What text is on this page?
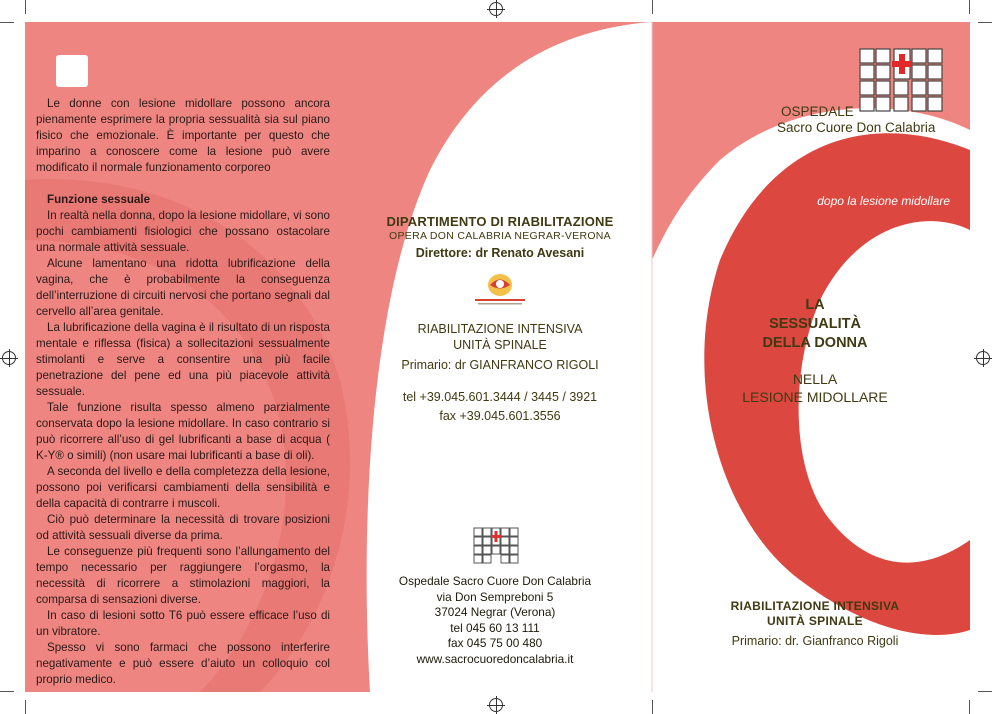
Le donne con lesione midollare possono ancora pienamente esprimere la propria sessualità sia sul piano fisico che emozionale. È importante per questo che imparino a conoscere come la lesione può avere modificato il normale funzionamento corporeo

Funzione sessuale

In realtà nella donna, dopo la lesione midollare, vi sono pochi cambiamenti fisiologici che possano ostacolare una normale attività sessuale.

Alcune lamentano una ridotta lubrificazione della vagina, che è probabilmente la conseguenza dell’interruzione di circuiti nervosi che portano segnali dal cervello all’area genitale.

La lubrificazione della vagina è il risultato di un risposta mentale e riflessa (fisica) a sollecitazioni sessualmente stimolanti e serve a consentire una più facile penetrazione del pene ed una più piacevole attività sessuale.

Tale funzione risulta spesso almeno parzialmente conservata dopo la lesione midollare. In caso contrario si può ricorrere all’uso di gel lubrificanti a base di acqua ( K-Y® o simili) (non usare mai lubrificanti a base di oli).

A seconda del livello e della completezza della lesione, possono poi verificarsi cambiamenti della sensibilità e della capacità di contrarre i muscoli.

Ciò può determinare la necessità di trovare posizioni od attività sessuali diverse da prima.

Le conseguenze più frequenti sono l’allungamento del tempo necessario per raggiungere l’orgasmo, la necessità di ricorrere a stimolazioni maggiori, la comparsa di sensazioni diverse.

In caso di lesioni sotto T6 può essere efficace l’uso di un vibratore.

Spesso vi sono farmaci che possono interferire negativamente e può essere d’aiuto un colloquio col proprio medico.

DIPARTIMENTO DI RIABILITAZIONE
OPERA DON CALABRIA NEGRAR-VERONA
Direttore: dr Renato Avesani
RIABILITAZIONE INTENSIVA
UNITÀ SPINALE
Primario: dr GIANFRANCO RIGOLI
tel +39.045.601.3444 / 3445 / 3921
fax +39.045.601.3556
Ospedale Sacro Cuore Don Calabria
via Don Sempreboni 5
37024 Negrar (Verona)
tel 045 60 13 111
fax 045 75 00 480
www.sacrocuoredoncalabria.it
OSPEDALE
Sacro Cuore Don Calabria
dopo la lesione midollare
LA
SESSUALITÀ
DELLA DONNA
NELLA
LESIONE MIDOLLARE
RIABILITAZIONE INTENSIVA
UNITÀ SPINALE
Primario: dr. Gianfranco Rigoli
